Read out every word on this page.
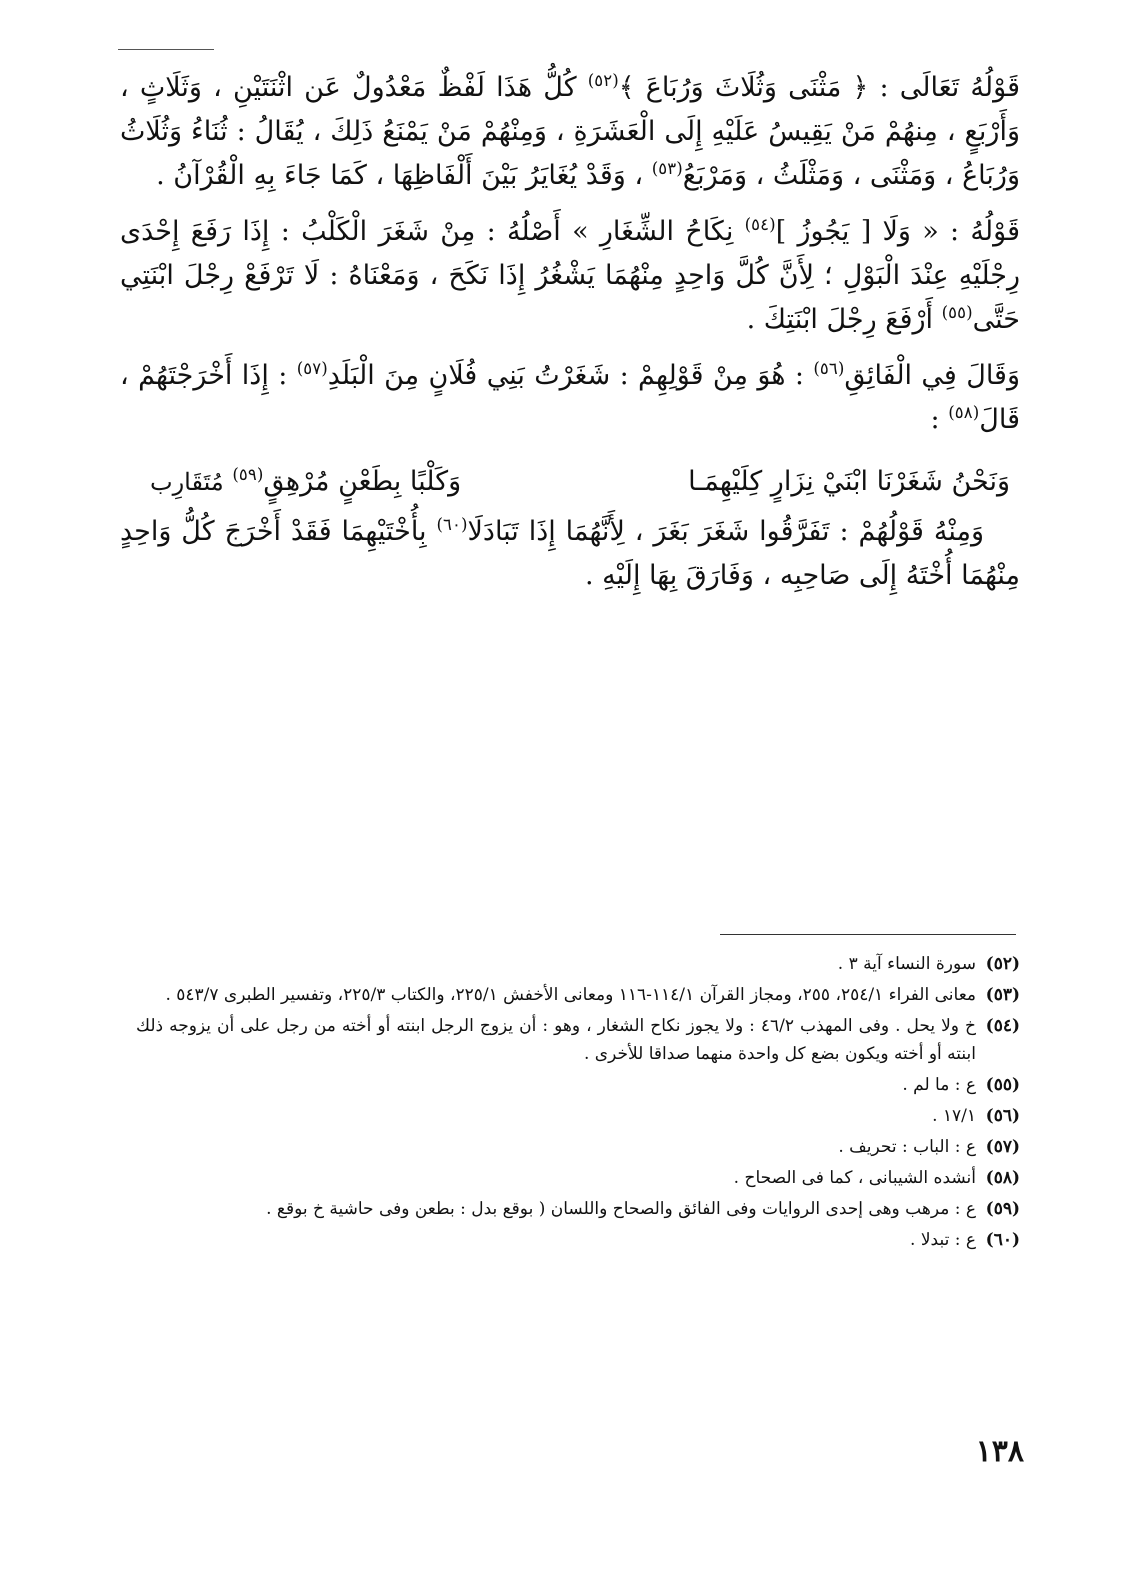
قَوْلُهُ تَعَالَى : ﴿ مَثْنَى وَثُلَاثَ وَرُبَاعَ ﴾$^{(٥٢)}$ كُلُّ هَذَا لَفْظٌ مَعْدُولٌ عَن اثْنَتَيْنِ ، وَثَلَاثٍ ، وَأَرْبَعٍ ، مِنهُمْ مَنْ يَقِيسُ عَلَيْهِ إِلَى الْعَشَرَةِ ، وَمِنْهُمْ مَنْ يَمْنَعُ ذَلِكَ ، يُقَالُ : ثُنَاءُ وَثُلَاثُ وَرُبَاعُ ، وَمَثْنَى ، وَمَثْلَثُ ، وَمَرْبَعُ$^{(٥٣)}$ ، وَقَدْ يُغَايَرُ بَيْنَ أَلْفَاظِهَا ، كَمَا جَاءَ بِهِ الْقُرْآنُ .

قَوْلُهُ : « وَلَا [ يَجُوزُ ]$^{(٥٤)}$ نِكَاحُ الشِّغَارِ » أَصْلُهُ : مِنْ شَغَرَ الْكَلْبُ : إِذَا رَفَعَ إِحْدَى رِجْلَيْهِ عِنْدَ الْبَوْلِ ؛ لِأَنَّ كُلَّ وَاحِدٍ مِنْهُمَا يَشْغُرُ إِذَا نَكَحَ ، وَمَعْنَاهُ : لَا تَرْفَعْ رِجْلَ ابْنَتِي حَتَّى$^{(٥٥)}$ أَرْفَعَ رِجْلَ ابْنَتِكَ .

وَقَالَ فِي الْفَائِقِ$^{(٥٦)}$ : هُوَ مِنْ قَوْلِهِمْ : شَغَرْتُ بَنِي فُلَانٍ مِنَ الْبَلَدِ$^{(٥٧)}$ : إِذَا أَخْرَجْتَهُمْ ، قَالَ$^{(٥٨)}$ :

وَنَحْنُ شَغَرْنَا ابْنَيْ نِزَارٍ كِلَيْهِمَـا
وَكَلْبًا بِطَعْنٍ مُرْهِقٍ$^{(٥٩)}$ مُتَقَارِب

وَمِنْهُ قَوْلُهُمْ : تَفَرَّقُوا شَغَرَ بَغَرَ ، لِأَنَّهُمَا إِذَا تَبَادَلَا$^{(٦٠)}$ بِأُخْتَيْهِمَا فَقَدْ أَخْرَجَ كُلُّ وَاحِدٍ مِنْهُمَا أُخْتَهُ إِلَى صَاحِبِه ، وَفَارَقَ بِهَا إِلَيْهِ .

(٥٢)
سورة النساء آية ٣ .
(٥٣)
معانى الفراء ٢٥٤/١، ٢٥٥، ومجاز القرآن ١١٤/١-١١٦ ومعانى الأخفش ٢٢٥/١، والكتاب ٢٢٥/٣، وتفسير الطبرى ٥٤٣/٧ .
(٥٤)
خ ولا يحل . وفى المهذب ٤٦/٢ : ولا يجوز نكاح الشغار ، وهو : أن يزوج الرجل ابنته أو أخته من رجل على أن يزوجه ذلك ابنته أو أخته ويكون بضع كل واحدة منهما صداقا للأخرى .
(٥٥)
ع : ما لم .
(٥٦)
١٧/١ .
(٥٧)
ع : الباب : تحريف .
(٥٨)
أنشده الشيبانى ، كما فى الصحاح .
(٥٩)
ع : مرهب وهى إحدى الروايات وفى الفائق والصحاح واللسان ( بوقع بدل : بطعن وفى حاشية خ بوقع .
(٦٠)
ع : تبدلا .
١٣٨
